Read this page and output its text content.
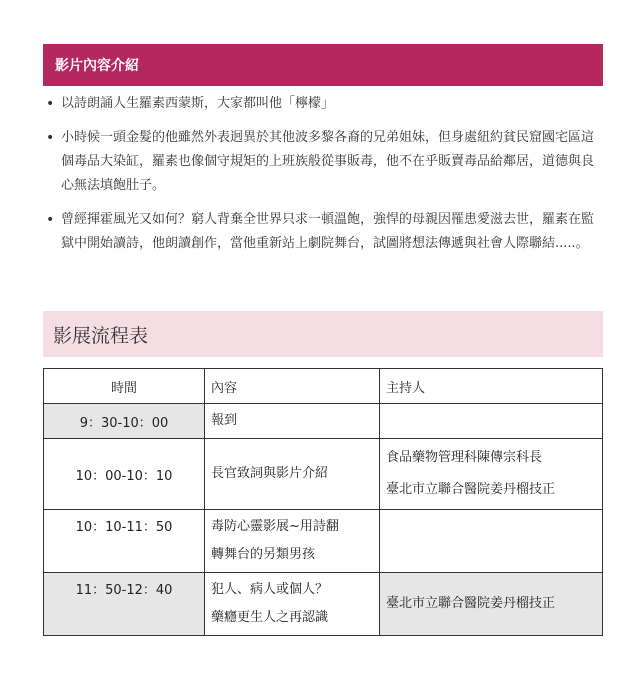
影片內容介紹
• 以詩朗誦人生羅素西蒙斯，大家都叫他「檸檬」
• 小時候一頭金髮的他雖然外表迥異於其他波多黎各裔的兄弟姐妹，但身處紐約貧民窟國宅區這個毒品大染缸，羅素也像個守規矩的上班族般從事販毒，他不在乎販賣毒品給鄰居，道德與良心無法填飽肚子。
• 曾經揮霍風光又如何？窮人背棄全世界只求一頓溫飽，強悍的母親因罹患愛滋去世，羅素在監獄中開始讀詩，他朗讀創作，當他重新站上劇院舞台，試圖將想法傳遞與社會人際聯結.....。
影展流程表
時間	內容	主持人
9：30-10：00	報到	

10：00-10：10	長官致詞與影片介紹	食品藥物管理科陳傳宗科長
臺北市立聯合醫院姜丹榴技正

10：10-11：50	毒防心靈影展~用詩翻
轉舞台的另類男孩	

11：50-12：40	犯人、病人或個人？
藥癮更生人之再認識	臺北市立聯合醫院姜丹榴技正
